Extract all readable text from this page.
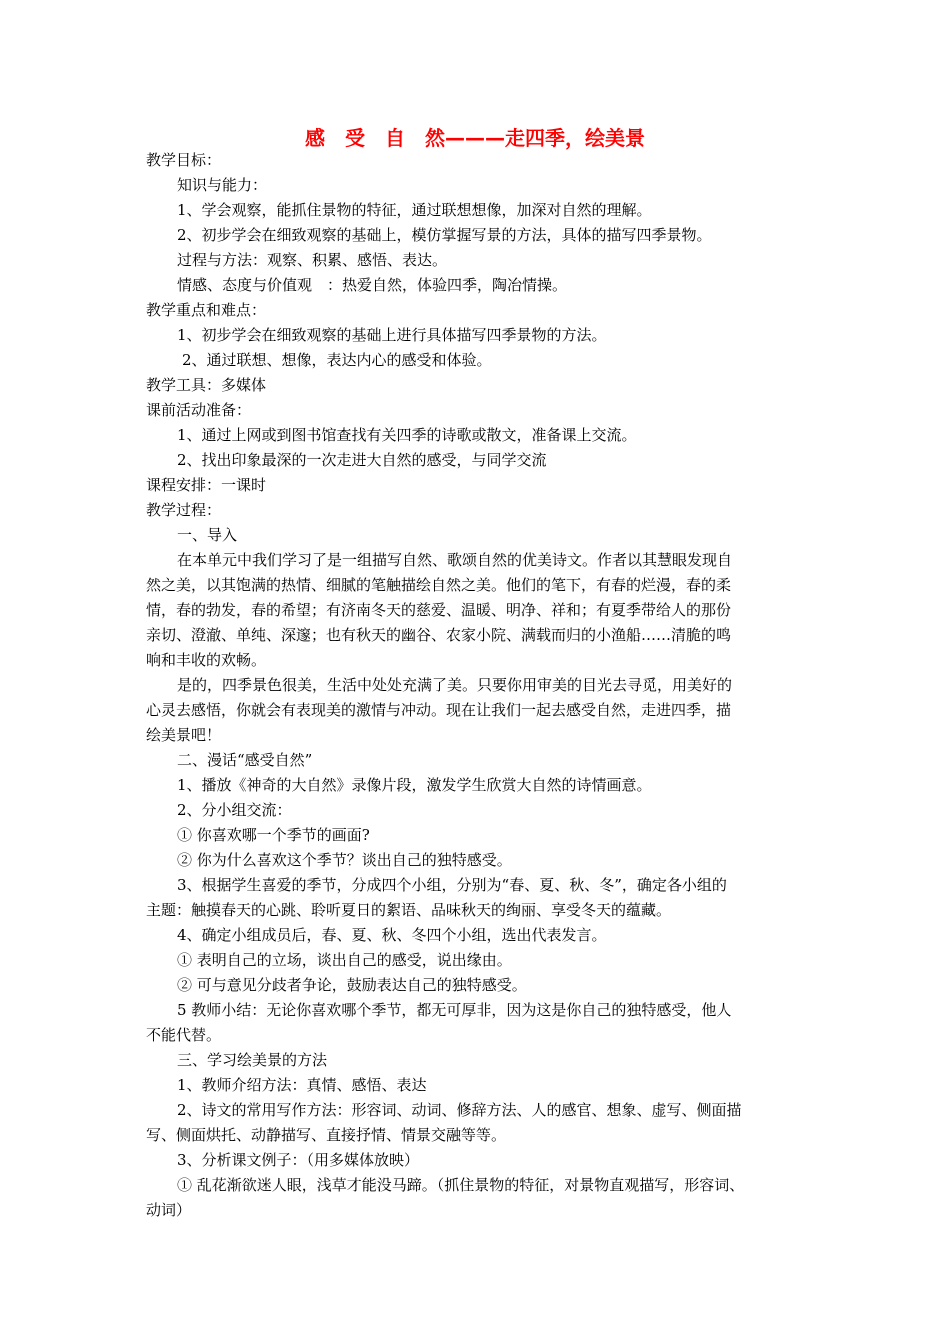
感　受　自　然———走四季，绘美景
教学目标：
知识与能力：
1、学会观察，能抓住景物的特征，通过联想想像，加深对自然的理解。
2、初步学会在细致观察的基础上，模仿掌握写景的方法，具体的描写四季景物。
过程与方法：观察、积累、感悟、表达。
情感、态度与价值观　：热爱自然，体验四季，陶冶情操。
教学重点和难点：
1、初步学会在细致观察的基础上进行具体描写四季景物的方法。
2、通过联想、想像，表达内心的感受和体验。
教学工具：多媒体
课前活动准备：
1、通过上网或到图书馆查找有关四季的诗歌或散文，准备课上交流。
2、找出印象最深的一次走进大自然的感受，与同学交流
课程安排：一课时
教学过程：
一、导入
在本单元中我们学习了是一组描写自然、歌颂自然的优美诗文。作者以其慧眼发现自
然之美，以其饱满的热情、细腻的笔触描绘自然之美。他们的笔下，有春的烂漫，春的柔
情，春的勃发，春的希望；有济南冬天的慈爱、温暖、明净、祥和；有夏季带给人的那份
亲切、澄澈、单纯、深邃；也有秋天的幽谷、农家小院、满载而归的小渔船……清脆的鸣
响和丰收的欢畅。
是的，四季景色很美，生活中处处充满了美。只要你用审美的目光去寻觅，用美好的
心灵去感悟，你就会有表现美的激情与冲动。现在让我们一起去感受自然，走进四季，描
绘美景吧！
二、漫话“感受自然”
1、播放《神奇的大自然》录像片段，激发学生欣赏大自然的诗情画意。
2、分小组交流：
① 你喜欢哪一个季节的画面?
② 你为什么喜欢这个季节？谈出自己的独特感受。
3、根据学生喜爱的季节，分成四个小组，分别为“春、夏、秋、冬”，确定各小组的
主题：触摸春天的心跳、聆听夏日的絮语、品味秋天的绚丽、享受冬天的蕴藏。
4、确定小组成员后，春、夏、秋、冬四个小组，选出代表发言。
① 表明自己的立场，谈出自己的感受，说出缘由。
② 可与意见分歧者争论，鼓励表达自己的独特感受。
5 教师小结：无论你喜欢哪个季节，都无可厚非，因为这是你自己的独特感受，他人
不能代替。
三、学习绘美景的方法
1、教师介绍方法：真情、感悟、表达
2、诗文的常用写作方法：形容词、动词、修辞方法、人的感官、想象、虚写、侧面描
写、侧面烘托、动静描写、直接抒情、情景交融等等。
3、分析课文例子：（用多媒体放映）
① 乱花渐欲迷人眼，浅草才能没马蹄。（抓住景物的特征，对景物直观描写，形容词、
动词）
